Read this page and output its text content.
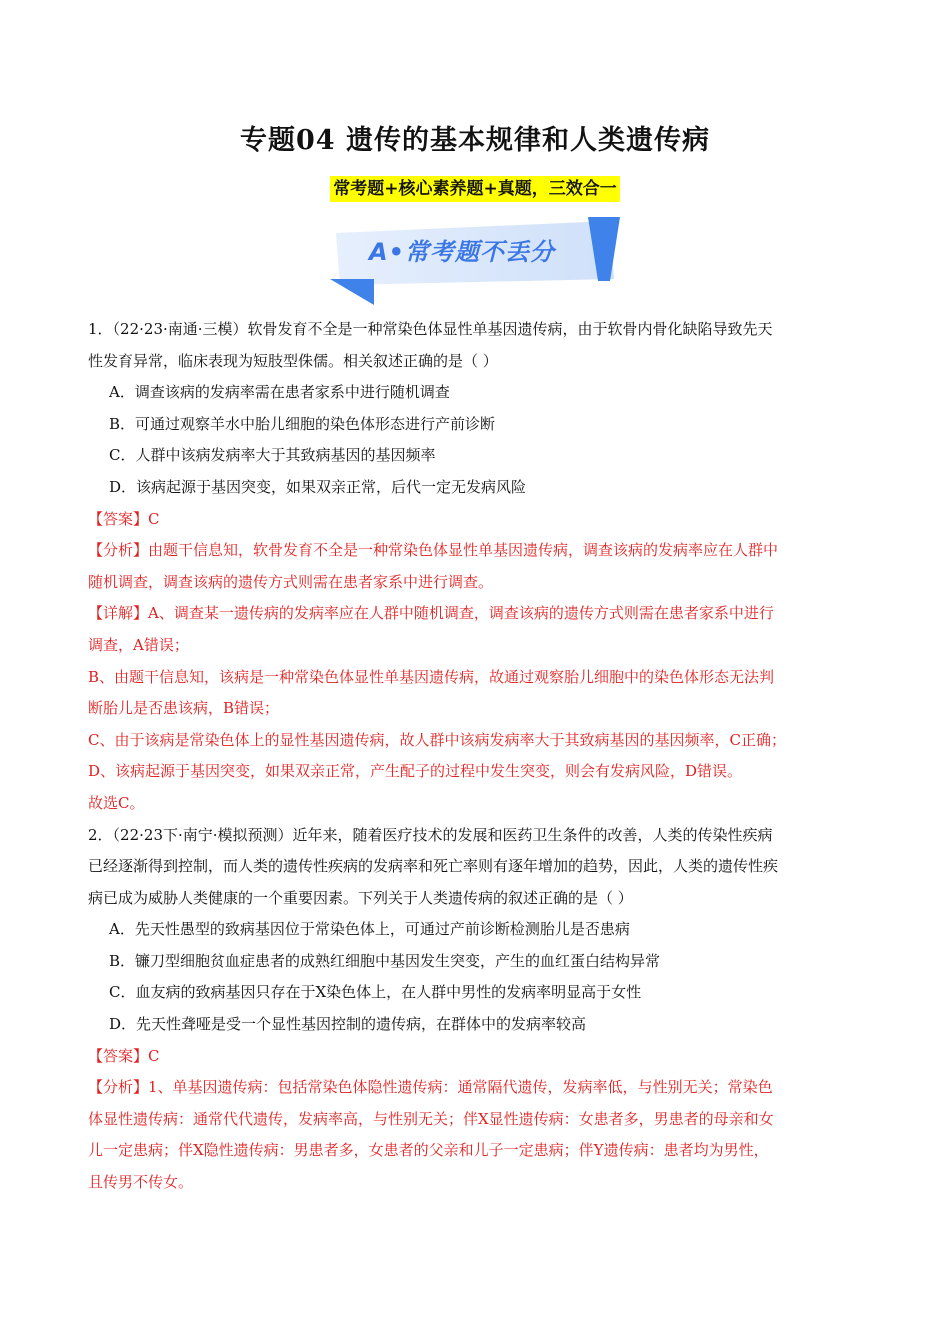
专题04 遗传的基本规律和人类遗传病
常考题+核心素养题+真题，三效合一
A•常考题不丢分
1．（22·23·南通·三模）软骨发育不全是一种常染色体显性单基因遗传病，由于软骨内骨化缺陷导致先天
性发育异常，临床表现为短肢型侏儒。相关叙述正确的是（ ）
A．调查该病的发病率需在患者家系中进行随机调查
B．可通过观察羊水中胎儿细胞的染色体形态进行产前诊断
C．人群中该病发病率大于其致病基因的基因频率
D．该病起源于基因突变，如果双亲正常，后代一定无发病风险
【答案】C
【分析】由题干信息知，软骨发育不全是一种常染色体显性单基因遗传病，调查该病的发病率应在人群中
随机调查，调查该病的遗传方式则需在患者家系中进行调查。
【详解】A、调查某一遗传病的发病率应在人群中随机调查，调查该病的遗传方式则需在患者家系中进行
调查，A错误；
B、由题干信息知，该病是一种常染色体显性单基因遗传病，故通过观察胎儿细胞中的染色体形态无法判
断胎儿是否患该病，B错误；
C、由于该病是常染色体上的显性基因遗传病，故人群中该病发病率大于其致病基因的基因频率，C正确；
D、该病起源于基因突变，如果双亲正常，产生配子的过程中发生突变，则会有发病风险，D错误。
故选C。
2．（22·23下·南宁·模拟预测）近年来，随着医疗技术的发展和医药卫生条件的改善，人类的传染性疾病
已经逐渐得到控制，而人类的遗传性疾病的发病率和死亡率则有逐年增加的趋势，因此，人类的遗传性疾
病已成为威胁人类健康的一个重要因素。下列关于人类遗传病的叙述正确的是（ ）
A．先天性愚型的致病基因位于常染色体上，可通过产前诊断检测胎儿是否患病
B．镰刀型细胞贫血症患者的成熟红细胞中基因发生突变，产生的血红蛋白结构异常
C．血友病的致病基因只存在于X染色体上，在人群中男性的发病率明显高于女性
D．先天性聋哑是受一个显性基因控制的遗传病，在群体中的发病率较高
【答案】C
【分析】1、单基因遗传病：包括常染色体隐性遗传病：通常隔代遗传，发病率低，与性别无关；常染色
体显性遗传病：通常代代遗传，发病率高，与性别无关；伴X显性遗传病：女患者多，男患者的母亲和女
儿一定患病；伴X隐性遗传病：男患者多，女患者的父亲和儿子一定患病；伴Y遗传病：患者均为男性，
且传男不传女。
